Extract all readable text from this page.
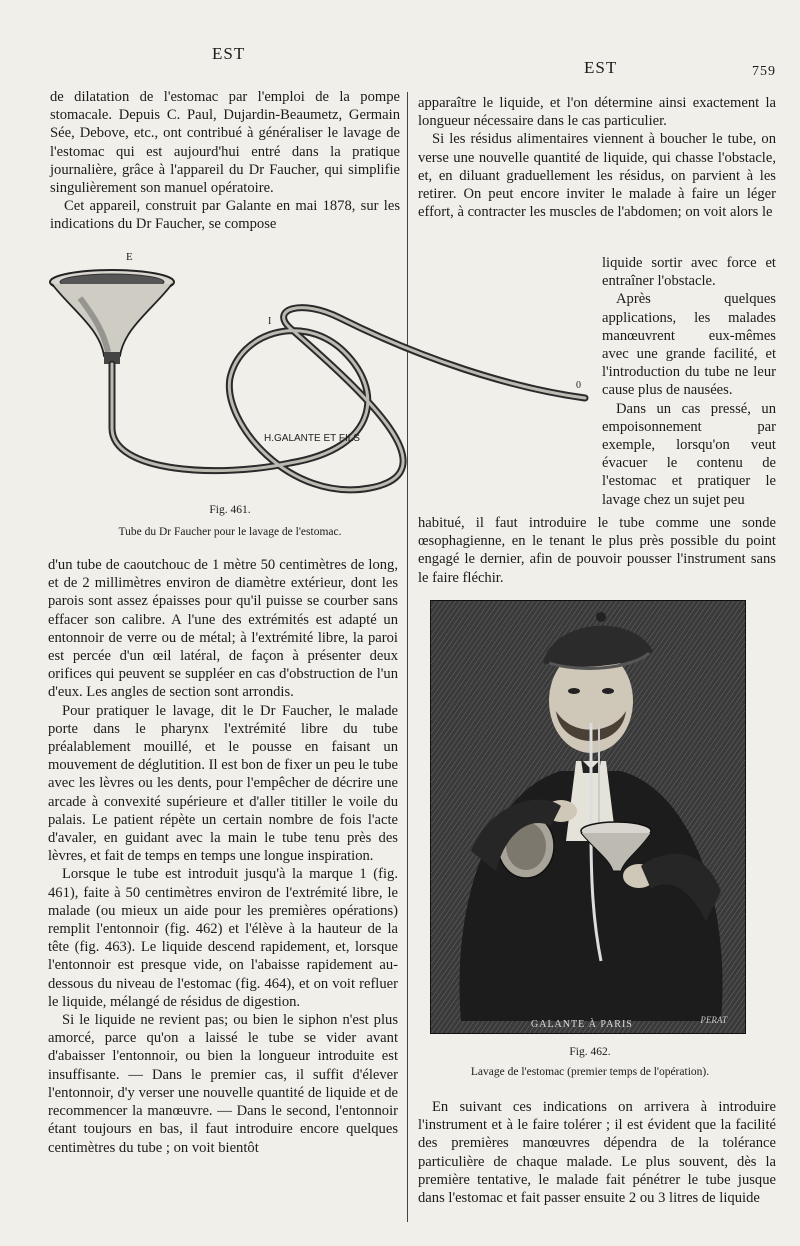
EST
EST	759

de dilatation de l'estomac par l'emploi de la pompe stomacale. Depuis C. Paul, Dujardin-Beaumetz, Germain Sée, Debove, etc., ont contribué à généraliser le lavage de l'estomac qui est aujourd'hui entré dans la pratique journalière, grâce à l'appareil du Dr Faucher, qui simplifie singulièrement son manuel opératoire.

Cet appareil, construit par Galante en mai 1878, sur les indications du Dr Faucher, se compose

E
I
0
H.GALANTE ET FILS
Fig. 461.
Tube du Dr Faucher pour le lavage de l'estomac.

d'un tube de caoutchouc de 1 mètre 50 centimètres de long, et de 2 millimètres environ de diamètre extérieur, dont les parois sont assez épaisses pour qu'il puisse se courber sans effacer son calibre. A l'une des extrémités est adapté un entonnoir de verre ou de métal; à l'extrémité libre, la paroi est percée d'un œil latéral, de façon à présenter deux orifices qui peuvent se suppléer en cas d'obstruction de l'un d'eux. Les angles de section sont arrondis.

Pour pratiquer le lavage, dit le Dr Faucher, le malade porte dans le pharynx l'extrémité libre du tube préalablement mouillé, et le pousse en faisant un mouvement de déglutition. Il est bon de fixer un peu le tube avec les lèvres ou les dents, pour l'empêcher de décrire une arcade à convexité supérieure et d'aller titiller le voile du palais. Le patient répète un certain nombre de fois l'acte d'avaler, en guidant avec la main le tube tenu près des lèvres, et fait de temps en temps une longue inspiration.

Lorsque le tube est introduit jusqu'à la marque 1 (fig. 461), faite à 50 centimètres environ de l'extrémité libre, le malade (ou mieux un aide pour les premières opérations) remplit l'entonnoir (fig. 462) et l'élève à la hauteur de la tête (fig. 463). Le liquide descend rapidement, et, lorsque l'entonnoir est presque vide, on l'abaisse rapidement au-dessous du niveau de l'estomac (fig. 464), et on voit refluer le liquide, mélangé de résidus de digestion.

Si le liquide ne revient pas; ou bien le siphon n'est plus amorcé, parce qu'on a laissé le tube se vider avant d'abaisser l'entonnoir, ou bien la longueur introduite est insuffisante. — Dans le premier cas, il suffit d'élever l'entonnoir, d'y verser une nouvelle quantité de liquide et de recommencer la manœuvre. — Dans le second, l'entonnoir étant toujours en bas, il faut introduire encore quelques centimètres du tube ; on voit bientôt

apparaître le liquide, et l'on détermine ainsi exactement la longueur nécessaire dans le cas particulier.

Si les résidus alimentaires viennent à boucher le tube, on verse une nouvelle quantité de liquide, qui chasse l'obstacle, et, en diluant graduellement les résidus, on parvient à les retirer. On peut encore inviter le malade à faire un léger effort, à contracter les muscles de l'abdomen; on voit alors le

liquide sortir avec force et entraîner l'obstacle.

Après quelques applications, les malades manœuvrent eux-mêmes avec une grande facilité, et l'introduction du tube ne leur cause plus de nausées.

Dans un cas pressé, un empoisonnement par exemple, lorsqu'on veut évacuer le contenu de l'estomac et pratiquer le lavage chez un sujet peu

habitué, il faut introduire le tube comme une sonde œsophagienne, en le tenant le plus près possible du point engagé le dernier, afin de pouvoir pousser l'instrument sans le faire fléchir.

GALANTE À PARIS	PERAT
Fig. 462.
Lavage de l'estomac (premier temps de l'opération).

En suivant ces indications on arrivera à introduire l'instrument et à le faire tolérer ; il est évident que la facilité des premières manœuvres dépendra de la tolérance particulière de chaque malade. Le plus souvent, dès la première tentative, le malade fait pénétrer le tube jusque dans l'estomac et fait passer ensuite 2 ou 3 litres de liquide
